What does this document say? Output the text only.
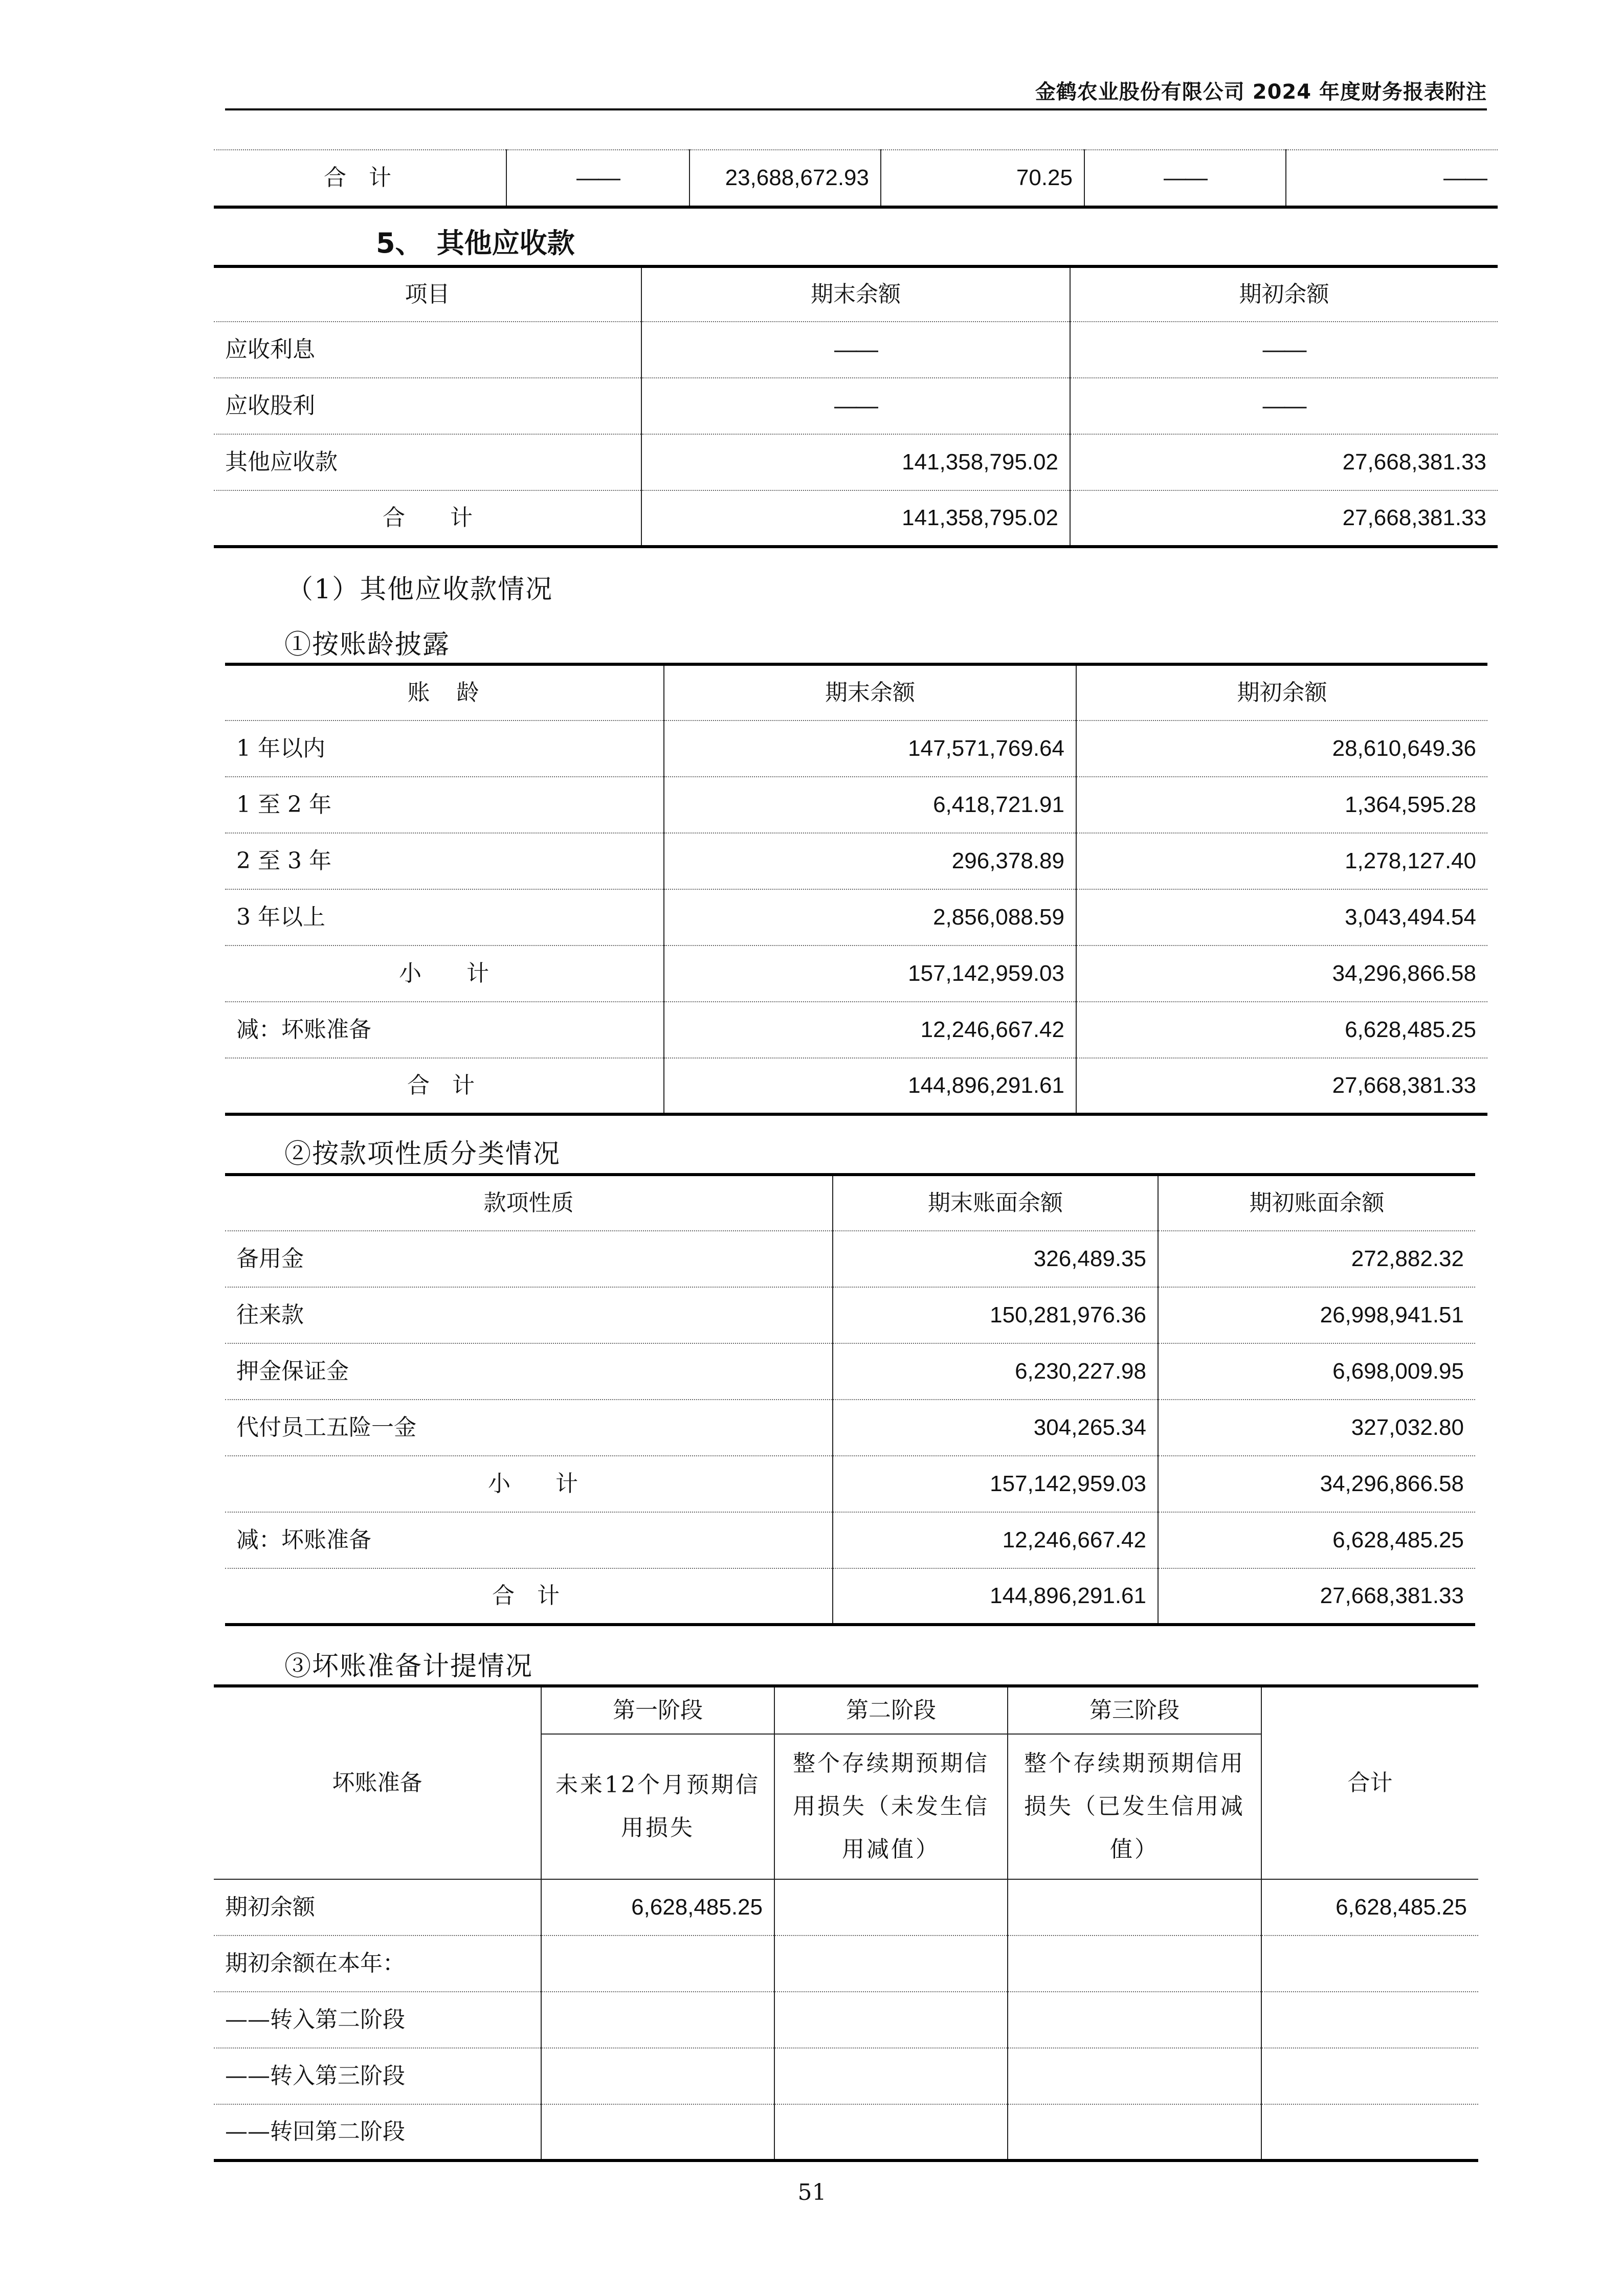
金鹤农业股份有限公司 2024 年度财务报表附注
合　计	——	23,688,672.93	70.25	——	——
5、　其他应收款
项目	期末余额	期初余额
应收利息	——	——
应收股利	——	——
其他应收款	141,358,795.02	27,668,381.33
合　　计	141,358,795.02	27,668,381.33
（1）其他应收款情况
①按账龄披露
账　龄	期末余额	期初余额
1 年以内	147,571,769.64	28,610,649.36
1 至 2 年	6,418,721.91	1,364,595.28
2 至 3 年	296,378.89	1,278,127.40
3 年以上	2,856,088.59	3,043,494.54
小　　计	157,142,959.03	34,296,866.58
减：坏账准备	12,246,667.42	6,628,485.25
合　计	144,896,291.61	27,668,381.33
②按款项性质分类情况
款项性质	期末账面余额	期初账面余额
备用金	326,489.35	272,882.32
往来款	150,281,976.36	26,998,941.51
押金保证金	6,230,227.98	6,698,009.95
代付员工五险一金	304,265.34	327,032.80
小　　计	157,142,959.03	34,296,866.58
减：坏账准备	12,246,667.42	6,628,485.25
合　计	144,896,291.61	27,668,381.33
③坏账准备计提情况
坏账准备	第一阶段	第二阶段	第三阶段	合计
	未来12个月预期信用损失	整个存续期预期信用损失（未发生信用减值）	整个存续期预期信用损失（已发生信用减值）	
期初余额	6,628,485.25			6,628,485.25
期初余额在本年：				
——转入第二阶段				
——转入第三阶段				
——转回第二阶段				
51
